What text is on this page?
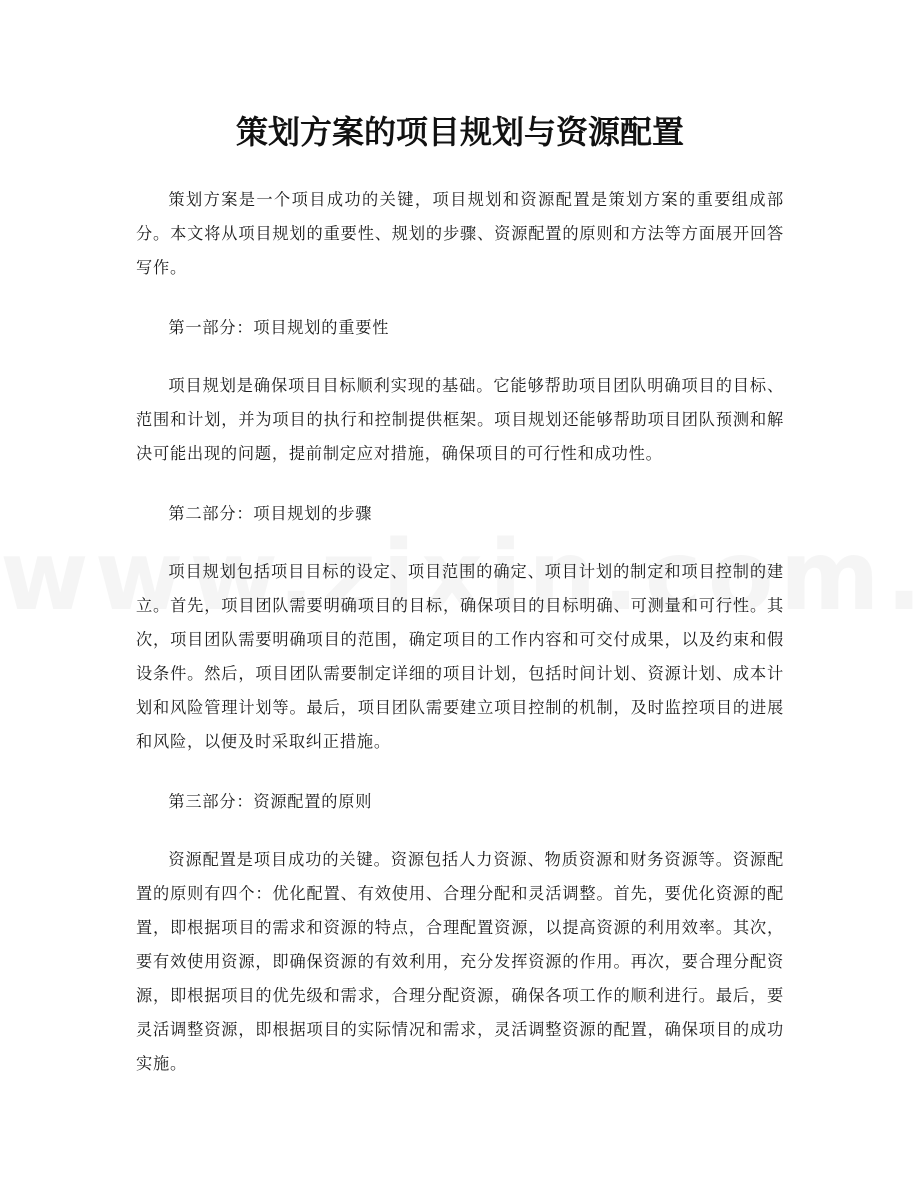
策划方案的项目规划与资源配置

策划方案是一个项目成功的关键，项目规划和资源配置是策划方案的重要组成部分。本文将从项目规划的重要性、规划的步骤、资源配置的原则和方法等方面展开回答写作。

第一部分：项目规划的重要性

项目规划是确保项目目标顺利实现的基础。它能够帮助项目团队明确项目的目标、范围和计划，并为项目的执行和控制提供框架。项目规划还能够帮助项目团队预测和解决可能出现的问题，提前制定应对措施，确保项目的可行性和成功性。

第二部分：项目规划的步骤

项目规划包括项目目标的设定、项目范围的确定、项目计划的制定和项目控制的建立。首先，项目团队需要明确项目的目标，确保项目的目标明确、可测量和可行性。其次，项目团队需要明确项目的范围，确定项目的工作内容和可交付成果，以及约束和假设条件。然后，项目团队需要制定详细的项目计划，包括时间计划、资源计划、成本计划和风险管理计划等。最后，项目团队需要建立项目控制的机制，及时监控项目的进展和风险，以便及时采取纠正措施。

第三部分：资源配置的原则

资源配置是项目成功的关键。资源包括人力资源、物质资源和财务资源等。资源配置的原则有四个：优化配置、有效使用、合理分配和灵活调整。首先，要优化资源的配置，即根据项目的需求和资源的特点，合理配置资源，以提高资源的利用效率。其次，要有效使用资源，即确保资源的有效利用，充分发挥资源的作用。再次，要合理分配资源，即根据项目的优先级和需求，合理分配资源，确保各项工作的顺利进行。最后，要灵活调整资源，即根据项目的实际情况和需求，灵活调整资源的配置，确保项目的成功实施。
